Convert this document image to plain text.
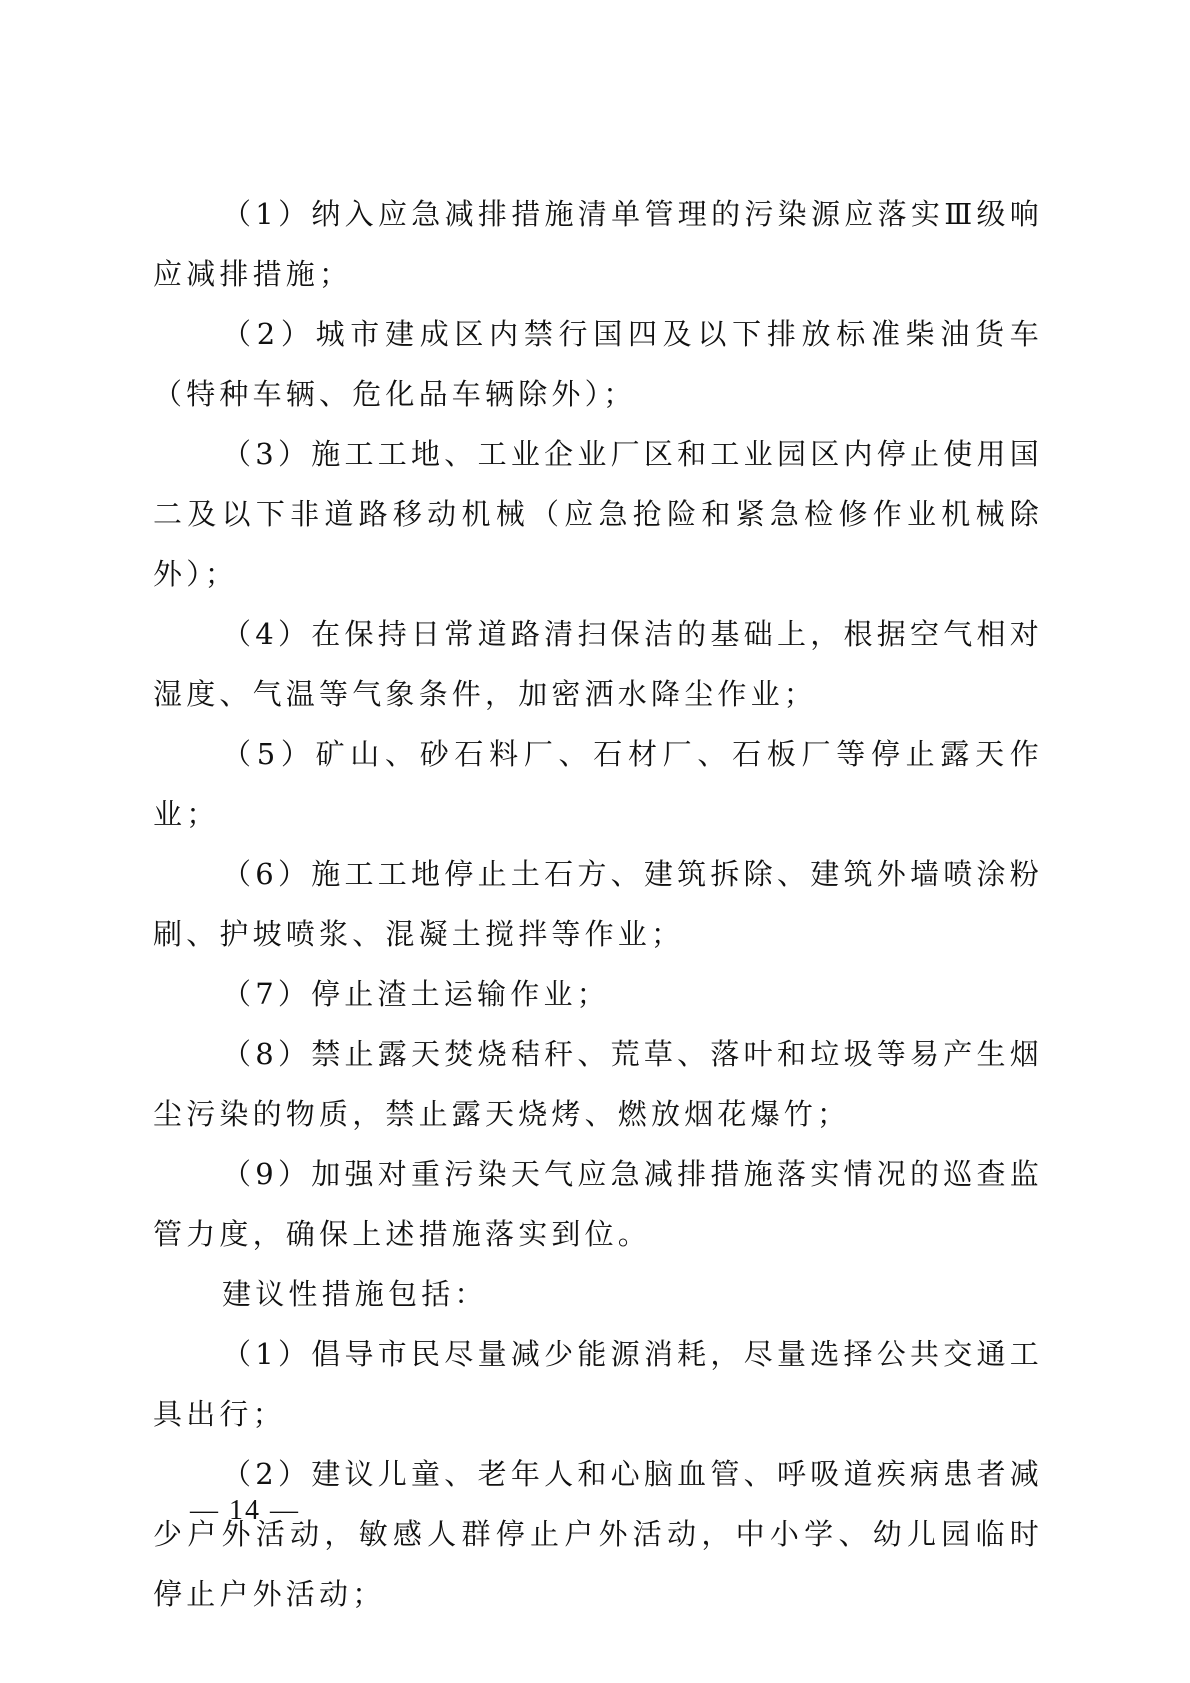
（1）纳入应急减排措施清单管理的污染源应落实Ⅲ级响应减排措施；

（2）城市建成区内禁行国四及以下排放标准柴油货车（特种车辆、危化品车辆除外）；

（3）施工工地、工业企业厂区和工业园区内停止使用国二及以下非道路移动机械（应急抢险和紧急检修作业机械除外）；

（4）在保持日常道路清扫保洁的基础上，根据空气相对湿度、气温等气象条件，加密洒水降尘作业；

（5）矿山、砂石料厂、石材厂、石板厂等停止露天作业；

（6）施工工地停止土石方、建筑拆除、建筑外墙喷涂粉刷、护坡喷浆、混凝土搅拌等作业；

（7）停止渣土运输作业；

（8）禁止露天焚烧秸秆、荒草、落叶和垃圾等易产生烟尘污染的物质，禁止露天烧烤、燃放烟花爆竹；

（9）加强对重污染天气应急减排措施落实情况的巡查监管力度，确保上述措施落实到位。

建议性措施包括：

（1）倡导市民尽量减少能源消耗，尽量选择公共交通工具出行；

（2）建议儿童、老年人和心脑血管、呼吸道疾病患者减少户外活动，敏感人群停止户外活动，中小学、幼儿园临时停止户外活动；

— 14 —
